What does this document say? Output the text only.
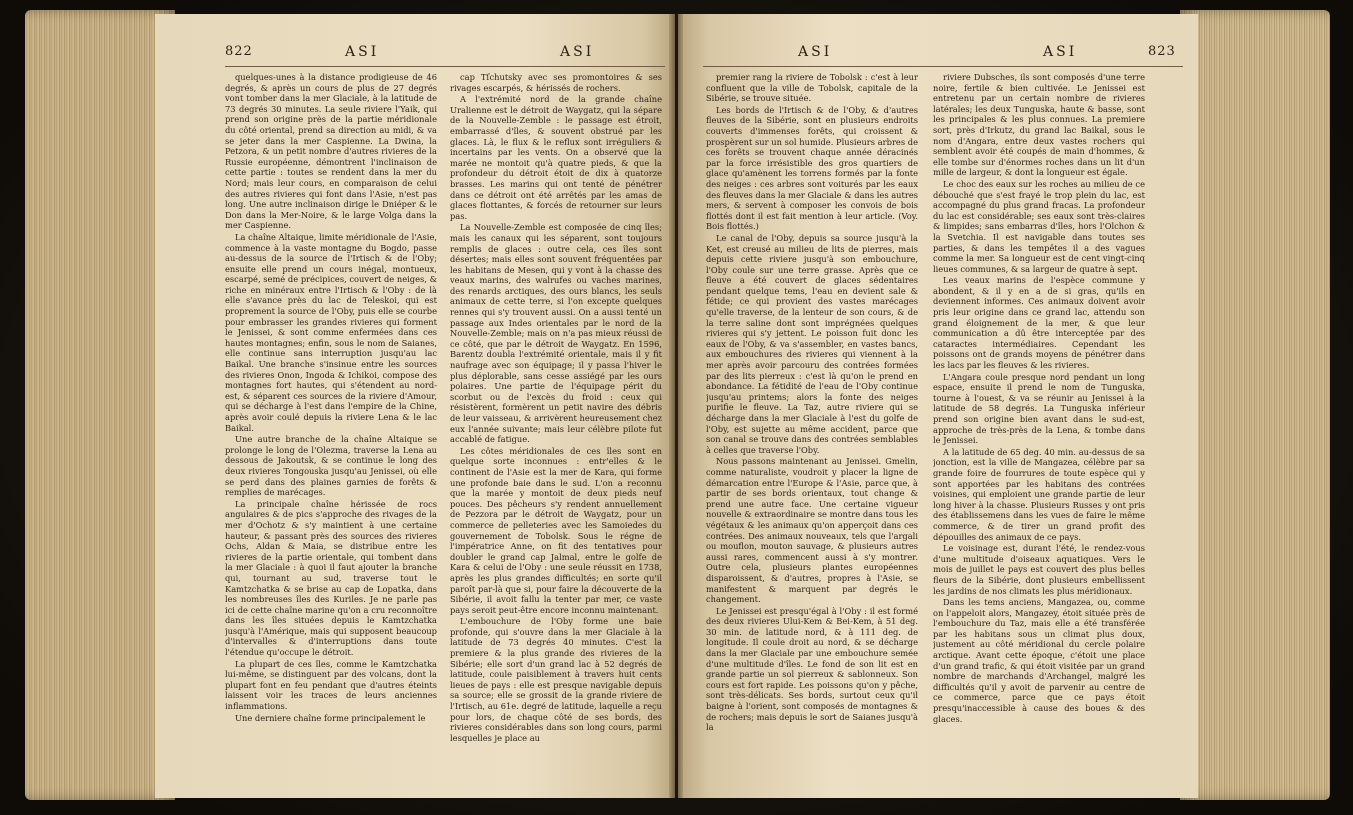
822	ASI	ASI

quelques-unes à la distance prodigieuse de 46 degrés, & après un cours de plus de 27 degrés vont tomber dans la mer Glaciale, à la latitude de 73 degrés 30 minutes. La seule riviere l'Yaik, qui prend son origine près de la partie méridionale du côté oriental, prend sa direction au midi, & va se jeter dans la mer Caspienne. La Dwina, la Petzora, & un petit nombre d'autres rivieres de la Russie européenne, démontrent l'inclinaison de cette partie : toutes se rendent dans la mer du Nord; mais leur cours, en comparaison de celui des autres rivieres qui font dans l'Asie, n'est pas long. Une autre inclinaison dirige le Dniéper & le Don dans la Mer-Noire, & le large Volga dans la mer Caspienne.

La chaîne Altaique, limite méridionale de l'Asie, commence à la vaste montagne du Bogdo, passe au-dessus de la source de l'Irtisch & de l'Oby; ensuite elle prend un cours inégal, montueux, escarpé, semé de précipices, couvert de neiges, & riche en minéraux entre l'Irtisch & l'Oby : de là elle s'avance près du lac de Teleskoi, qui est proprement la source de l'Oby, puis elle se courbe pour embrasser les grandes rivieres qui forment le Jenissei, & sont comme enfermées dans ces hautes montagnes; enfin, sous le nom de Saianes, elle continue sans interruption jusqu'au lac Baikal. Une branche s'insinue entre les sources des rivieres Onon, Ingoda & Ichikoi, compose des montagnes fort hautes, qui s'étendent au nord-est, & séparent ces sources de la riviere d'Amour, qui se décharge à l'est dans l'empire de la Chine, après avoir coulé depuis la riviere Lena & le lac Baikal.

Une autre branche de la chaîne Altaique se prolonge le long de l'Olezma, traverse la Lena au dessous de Jakoutsk, & se continue le long des deux rivieres Tongouska jusqu'au Jenissei, où elle se perd dans des plaines garnies de forêts & remplies de marécages.

La principale chaîne hérissée de rocs angulaires & de pics s'approche des rivages de la mer d'Ochotz & s'y maintient à une certaine hauteur, & passant près des sources des rivieres Ochs, Aldan & Maia, se distribue entre les rivieres de la partie orientale, qui tombent dans la mer Glaciale : à quoi il faut ajouter la branche qui, tournant au sud, traverse tout le Kamtzchatka & se brise au cap de Lopatka, dans les nombreuses îles des Kuriles. Je ne parle pas ici de cette chaîne marine qu'on a cru reconnoître dans les îles situées depuis le Kamtzchatka jusqu'à l'Amérique, mais qui supposent beaucoup d'intervalles & d'interruptions dans toute l'étendue qu'occupe le détroit.

La plupart de ces îles, comme le Kamtzchatka lui-même, se distinguent par des volcans, dont la plupart font en feu pendant que d'autres éteints laissent voir les traces de leurs anciennes inflammations.

Une derniere chaîne forme principalement le

cap Tſchutsky avec ses promontoires & ses rivages escarpés, & hérissés de rochers.

A l'extrémité nord de la grande chaîne Uralienne est le détroit de Waygatz, qui la sépare de la Nouvelle-Zemble : le passage est étroit, embarrassé d'îles, & souvent obstrué par les glaces. Là, le flux & le reflux sont irréguliers & incertains par les vents. On a observé que la marée ne montoit qu'à quatre pieds, & que la profondeur du détroit étoit de dix à quatorze brasses. Les marins qui ont tenté de pénétrer dans ce détroit ont été arrêtés par les amas de glaces flottantes, & forcés de retourner sur leurs pas.

La Nouvelle-Zemble est composée de cinq îles; mais les canaux qui les séparent, sont toujours remplis de glaces : outre cela, ces îles sont désertes; mais elles sont souvent fréquentées par les habitans de Mesen, qui y vont à la chasse des veaux marins, des walrufes ou vaches marines, des renards arctiques, des ours blancs, les seuls animaux de cette terre, si l'on excepte quelques rennes qui s'y trouvent aussi. On a aussi tenté un passage aux Indes orientales par le nord de la Nouvelle-Zemble; mais on n'a pas mieux réussi de ce côté, que par le détroit de Waygatz. En 1596, Barentz doubla l'extrémité orientale, mais il y fit naufrage avec son équipage; il y passa l'hiver le plus déplorable, sans cesse assiégé par les ours polaires. Une partie de l'équipage périt du scorbut ou de l'excès du froid : ceux qui résistèrent, formèrent un petit navire des débris de leur vaisseau, & arrivèrent heureusement chez eux l'année suivante; mais leur célèbre pilote fut accablé de fatigue.

Les côtes méridionales de ces îles sont en quelque sorte inconnues : entr'elles & le continent de l'Asie est la mer de Kara, qui forme une profonde baie dans le sud. L'on a reconnu que la marée y montoit de deux pieds neuf pouces. Des pêcheurs s'y rendent annuellement de Pezzora par le détroit de Waygatz, pour un commerce de pelleteries avec les Samoiedes du gouvernement de Tobolsk. Sous le régne de l'impératrice Anne, on fit des tentatives pour doubler le grand cap Jalmal, entre le golfe de Kara & celui de l'Oby : une seule réussit en 1738, après les plus grandes difficultés; en sorte qu'il paroît par-là que si, pour faire la découverte de la Sibérie, il avoit fallu la tenter par mer, ce vaste pays seroit peut-être encore inconnu maintenant.

L'embouchure de l'Oby forme une baie profonde, qui s'ouvre dans la mer Glaciale à la latitude de 73 degrés 40 minutes. C'est la premiere & la plus grande des rivieres de la Sibérie; elle sort d'un grand lac à 52 degrés de latitude, coule paisiblement à travers huit cents lieues de pays : elle est presque navigable depuis sa source; elle se grossit de la grande riviere de l'Irtisch, au 61e. degré de latitude, laquelle a reçu pour lors, de chaque côté de ses bords, des rivieres considérables dans son long cours, parmi lesquelles je place au

ASI	ASI	823

premier rang la riviere de Tobolsk : c'est à leur confluent que la ville de Tobolsk, capitale de la Sibérie, se trouve située.

Les bords de l'Irtisch & de l'Oby, & d'autres fleuves de la Sibérie, sont en plusieurs endroits couverts d'immenses forêts, qui croissent & prospèrent sur un sol humide. Plusieurs arbres de ces forêts se trouvent chaque année déracinés par la force irrésistible des gros quartiers de glace qu'amènent les torrens formés par la fonte des neiges : ces arbres sont voiturés par les eaux des fleuves dans la mer Glaciale & dans les autres mers, & servent à composer les convois de bois flottés dont il est fait mention à leur article. (Voy. Bois flottés.)

Le canal de l'Oby, depuis sa source jusqu'à la Ket, est creusé au milieu de lits de pierres, mais depuis cette riviere jusqu'à son embouchure, l'Oby coule sur une terre grasse. Après que ce fleuve a été couvert de glaces sédentaires pendant quelque tems, l'eau en devient sale & fétide; ce qui provient des vastes marécages qu'elle traverse, de la lenteur de son cours, & de la terre saline dont sont imprégnées quelques rivieres qui s'y jettent. Le poisson fuit donc les eaux de l'Oby, & va s'assembler, en vastes bancs, aux embouchures des rivieres qui viennent à la mer après avoir parcouru des contrées formées par des lits pierreux : c'est là qu'on le prend en abondance. La fétidité de l'eau de l'Oby continue jusqu'au printems; alors la fonte des neiges purifie le fleuve. La Taz, autre riviere qui se décharge dans la mer Glaciale à l'est du golfe de l'Oby, est sujette au même accident, parce que son canal se trouve dans des contrées semblables à celles que traverse l'Oby.

Nous passons maintenant au Jenissei. Gmelin, comme naturaliste, voudroit y placer la ligne de démarcation entre l'Europe & l'Asie, parce que, à partir de ses bords orientaux, tout change & prend une autre face. Une certaine vigueur nouvelle & extraordinaire se montre dans tous les végétaux & les animaux qu'on apperçoit dans ces contrées. Des animaux nouveaux, tels que l'argali ou mouflon, mouton sauvage, & plusieurs autres aussi rares, commencent aussi à s'y montrer. Outre cela, plusieurs plantes européennes disparoissent, & d'autres, propres à l'Asie, se manifestent & marquent par degrés le changement.

Le Jenissei est presqu'égal à l'Oby : il est formé des deux rivieres Ului-Kem & Bei-Kem, à 51 deg. 30 min. de latitude nord, & à 111 deg. de longitude. Il coule droit au nord, & se décharge dans la mer Glaciale par une embouchure semée d'une multitude d'îles. Le fond de son lit est en grande partie un sol pierreux & sablonneux. Son cours est fort rapide. Les poissons qu'on y pêche, sont très-délicats. Ses bords, surtout ceux qu'il baigne à l'orient, sont composés de montagnes & de rochers; mais depuis le sort de Saianes jusqu'à la

riviere Dubsches, ils sont composés d'une terre noire, fertile & bien cultivée. Le Jenissei est entretenu par un certain nombre de rivieres latérales; les deux Tunguska, haute & basse, sont les principales & les plus connues. La premiere sort, près d'Irkutz, du grand lac Baikal, sous le nom d'Angara, entre deux vastes rochers qui semblent avoir été coupés de main d'hommes, & elle tombe sur d'énormes roches dans un lit d'un mille de largeur, & dont la longueur est égale.

Le choc des eaux sur les roches au milieu de ce débouché que s'est frayé le trop plein du lac, est accompagné du plus grand fracas. La profondeur du lac est considérable; ses eaux sont très-claires & limpides; sans embarras d'îles, hors l'Olchon & la Svetchia. Il est navigable dans toutes ses parties, & dans les tempêtes il a des vagues comme la mer. Sa longueur est de cent vingt-cinq lieues communes, & sa largeur de quatre à sept.

Les veaux marins de l'espèce commune y abondent, & il y en a de si gras, qu'ils en deviennent informes. Ces animaux doivent avoir pris leur origine dans ce grand lac, attendu son grand éloignement de la mer, & que leur communication a dû être interceptée par des cataractes intermédiaires. Cependant les poissons ont de grands moyens de pénétrer dans les lacs par les fleuves & les rivieres.

L'Angara coule presque nord pendant un long espace, ensuite il prend le nom de Tunguska, tourne à l'ouest, & va se réunir au Jenissei à la latitude de 58 degrés. La Tunguska inférieur prend son origine bien avant dans le sud-est, approche de très-près de la Lena, & tombe dans le Jenissei.

A la latitude de 65 deg. 40 min. au-dessus de sa jonction, est la ville de Mangazea, célèbre par sa grande foire de fourrures de toute espèce qui y sont apportées par les habitans des contrées voisines, qui emploient une grande partie de leur long hiver à la chasse. Plusieurs Russes y ont pris des établissemens dans les vues de faire le même commerce, & de tirer un grand profit des dépouilles des animaux de ce pays.

Le voisinage est, durant l'été, le rendez-vous d'une multitude d'oiseaux aquatiques. Vers le mois de juillet le pays est couvert des plus belles fleurs de la Sibérie, dont plusieurs embellissent les jardins de nos climats les plus méridionaux.

Dans les tems anciens, Mangazea, ou, comme on l'appeloit alors, Mangazey, étoit située près de l'embouchure du Taz, mais elle a été transférée par les habitans sous un climat plus doux, justement au côté méridional du cercle polaire arctique. Avant cette époque, c'étoit une place d'un grand trafic, & qui étoit visitée par un grand nombre de marchands d'Archangel, malgré les difficultés qu'il y avoit de parvenir au centre de ce commerce, parce que ce pays étoit presqu'inaccessible à cause des boues & des glaces.
